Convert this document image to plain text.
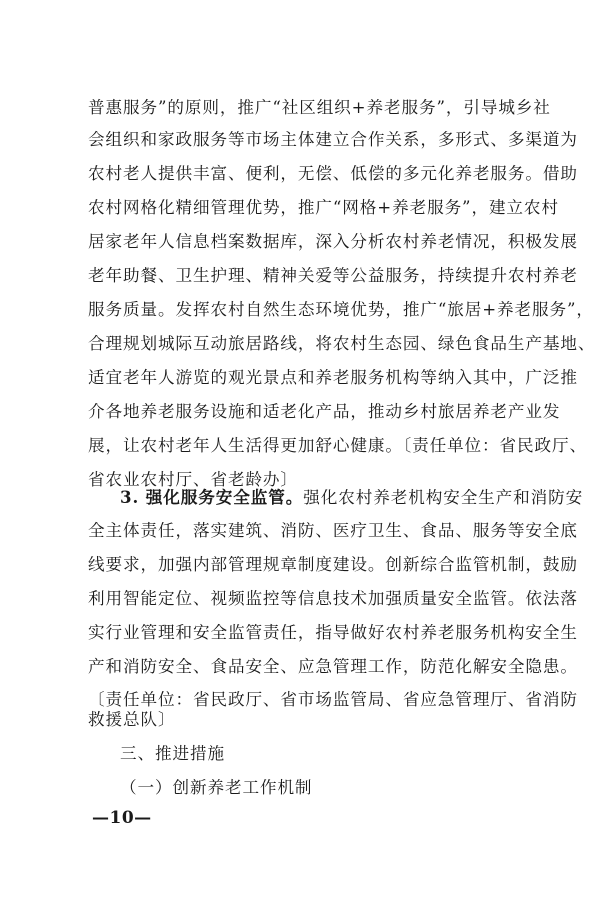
普惠服务”的原则，推广“社区组织+养老服务”，引导城乡社
会组织和家政服务等市场主体建立合作关系，多形式、多渠道为
农村老人提供丰富、便利，无偿、低偿的多元化养老服务。借助
农村网格化精细管理优势，推广“网格+养老服务”，建立农村
居家老年人信息档案数据库，深入分析农村养老情况，积极发展
老年助餐、卫生护理、精神关爱等公益服务，持续提升农村养老
服务质量。发挥农村自然生态环境优势，推广“旅居+养老服务”，
合理规划城际互动旅居路线，将农村生态园、绿色食品生产基地、
适宜老年人游览的观光景点和养老服务机构等纳入其中，广泛推
介各地养老服务设施和适老化产品，推动乡村旅居养老产业发
展，让农村老年人生活得更加舒心健康。〔责任单位：省民政厅、
省农业农村厅、省老龄办〕
3. 强化服务安全监管。强化农村养老机构安全生产和消防安
全主体责任，落实建筑、消防、医疗卫生、食品、服务等安全底
线要求，加强内部管理规章制度建设。创新综合监管机制，鼓励
利用智能定位、视频监控等信息技术加强质量安全监管。依法落
实行业管理和安全监管责任，指导做好农村养老服务机构安全生
产和消防安全、食品安全、应急管理工作，防范化解安全隐患。
〔责任单位：省民政厅、省市场监管局、省应急管理厅、省消防
救援总队〕
三、推进措施
（一）创新养老工作机制
—10—
